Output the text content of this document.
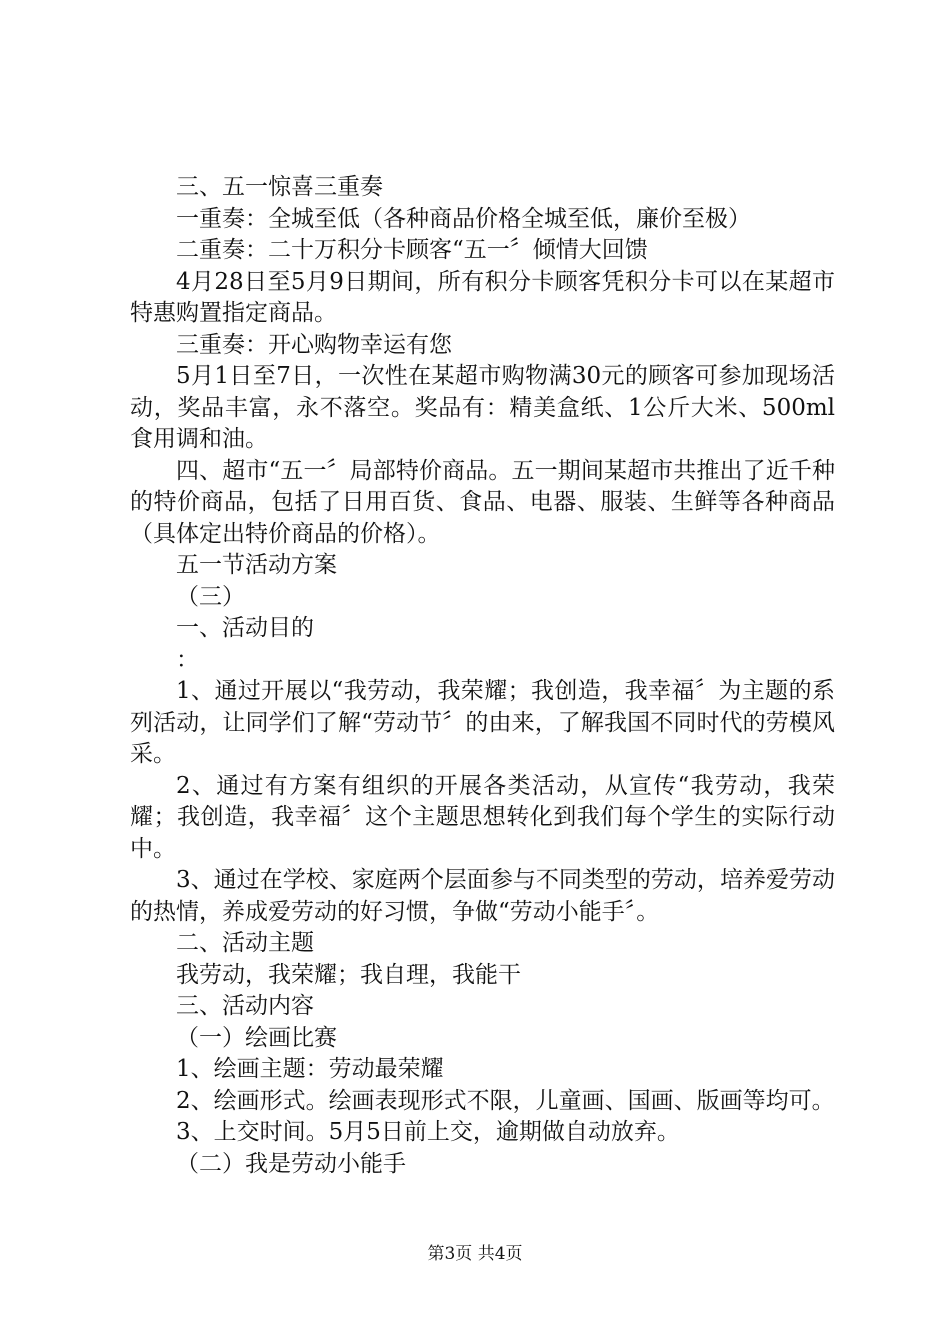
三、五一惊喜三重奏

一重奏：全城至低（各种商品价格全城至低，廉价至极）

二重奏：二十万积分卡顾客“五一〞倾情大回馈

4月28日至5月9日期间，所有积分卡顾客凭积分卡可以在某超市特惠购置指定商品。

三重奏：开心购物幸运有您

5月1日至7日，一次性在某超市购物满30元的顾客可参加现场活动，奖品丰富，永不落空。奖品有：精美盒纸、1公斤大米、500ml食用调和油。

四、超市“五一〞局部特价商品。五一期间某超市共推出了近千种的特价商品，包括了日用百货、食品、电器、服装、生鲜等各种商品（具体定出特价商品的价格）。

五一节活动方案

（三）

一、活动目的

：

1、通过开展以“我劳动，我荣耀；我创造，我幸福〞为主题的系列活动，让同学们了解“劳动节〞的由来，了解我国不同时代的劳模风采。

2、通过有方案有组织的开展各类活动，从宣传“我劳动，我荣耀；我创造，我幸福〞这个主题思想转化到我们每个学生的实际行动中。

3、通过在学校、家庭两个层面参与不同类型的劳动，培养爱劳动的热情，养成爱劳动的好习惯，争做“劳动小能手〞。

二、活动主题

我劳动，我荣耀；我自理，我能干

三、活动内容

（一）绘画比赛

1、绘画主题：劳动最荣耀

2、绘画形式。绘画表现形式不限，儿童画、国画、版画等均可。

3、上交时间。5月5日前上交，逾期做自动放弃。

（二）我是劳动小能手

第3页 共4页
